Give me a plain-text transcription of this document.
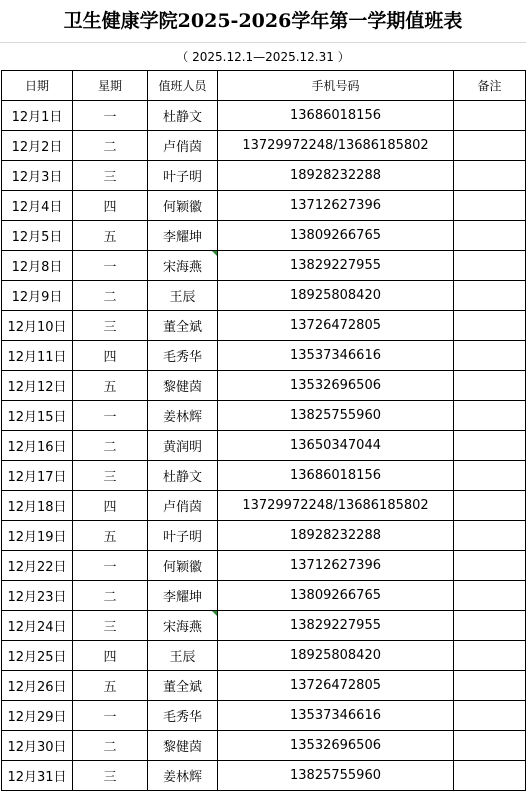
卫生健康学院2025-2026学年第一学期值班表
（ 2025.12.1—2025.12.31 ）
日期	星期	值班人员	手机号码	备注
12月1日	一	杜静文	13686018156	
12月2日	二	卢俏茵	13729972248/13686185802	
12月3日	三	叶子明	18928232288	
12月4日	四	何颖徽	13712627396	
12月5日	五	李耀坤	13809266765	
12月8日	一	宋海燕	13829227955	
12月9日	二	王辰	18925808420	
12月10日	三	董全斌	13726472805	
12月11日	四	毛秀华	13537346616	
12月12日	五	黎健茵	13532696506	
12月15日	一	姜林辉	13825755960	
12月16日	二	黄润明	13650347044	
12月17日	三	杜静文	13686018156	
12月18日	四	卢俏茵	13729972248/13686185802	
12月19日	五	叶子明	18928232288	
12月22日	一	何颖徽	13712627396	
12月23日	二	李耀坤	13809266765	
12月24日	三	宋海燕	13829227955	
12月25日	四	王辰	18925808420	
12月26日	五	董全斌	13726472805	
12月29日	一	毛秀华	13537346616	
12月30日	二	黎健茵	13532696506	
12月31日	三	姜林辉	13825755960	
